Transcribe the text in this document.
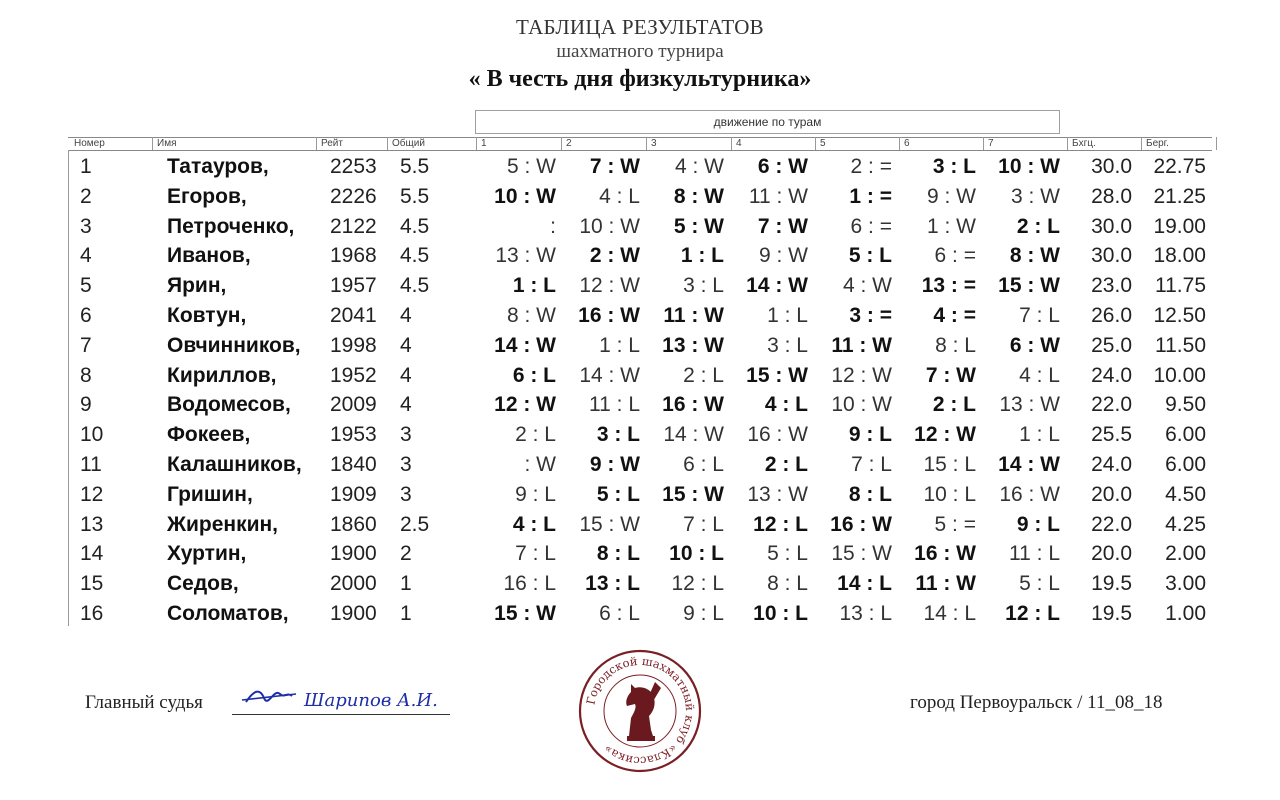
ТАБЛИЦА РЕЗУЛЬТАТОВ
шахматного турнира
« В честь дня физкультурника»
движение по турам
Номер	Имя	Рейт	Общий	1	2	3	4	5	6	7	Бхгц.	Берг.
1	Татауров,	2253 5.5	5 : W	7 : W	4 : W	6 : W	2 : =	3 : L	10 : W 30.0 22.75
2	Егоров,	2226 5.5	10 : W	4 : L	8 : W	11 : W	1 : =	9 : W	3 : W 28.0 21.25
3	Петроченко, 2122 4.5	:	10 : W	5 : W	7 : W	6 : =	1 : W	2 : L 30.0 19.00
4	Иванов,	1968 4.5	13 : W	2 : W	1 : L	9 : W	5 : L	6 : =	8 : W 30.0 18.00
5	Ярин,	1957 4.5	1 : L	12 : W	3 : L	14 : W	4 : W	13 : =	15 : W 23.0 11.75
6	Ковтун,	2041 4	8 : W	16 : W	11 : W	1 : L	3 : =	4 : =	7 : L 26.0 12.50
7	Овчинников, 1998 4	14 : W	1 : L	13 : W	3 : L	11 : W	8 : L	6 : W 25.0 11.50
8	Кириллов,	1952 4	6 : L	14 : W	2 : L	15 : W	12 : W	7 : W	4 : L 24.0 10.00
9	Водомесов, 2009 4	12 : W	11 : L	16 : W	4 : L	10 : W	2 : L	13 : W 22.0	9.50
10	Фокеев,	1953 3	2 : L	3 : L	14 : W	16 : W	9 : L	12 : W	1 : L 25.5	6.00
11	Калашников, 1840 3	: W	9 : W	6 : L	2 : L	7 : L	15 : L	14 : W 24.0	6.00
12	Гришин,	1909 3	9 : L	5 : L	15 : W	13 : W	8 : L	10 : L	16 : W 20.0	4.50
13	Жиренкин, 1860 2.5	4 : L	15 : W	7 : L	12 : L	16 : W	5 : =	9 : L 22.0	4.25
14	Хуртин,	1900 2	7 : L	8 : L	10 : L	5 : L	15 : W	16 : W	11 : L 20.0	2.00
15	Седов,	2000 1	16 : L	13 : L	12 : L	8 : L	14 : L	11 : W	5 : L 19.5	3.00
16	Соломатов, 1900 1	15 : W	6 : L	9 : L	10 : L	13 : L	14 : L	12 : L 19.5	1.00
Главный судья	Шарипов А.И.	Городской шахматный клуб «Классика»
город Первоуральск / 11_08_18
